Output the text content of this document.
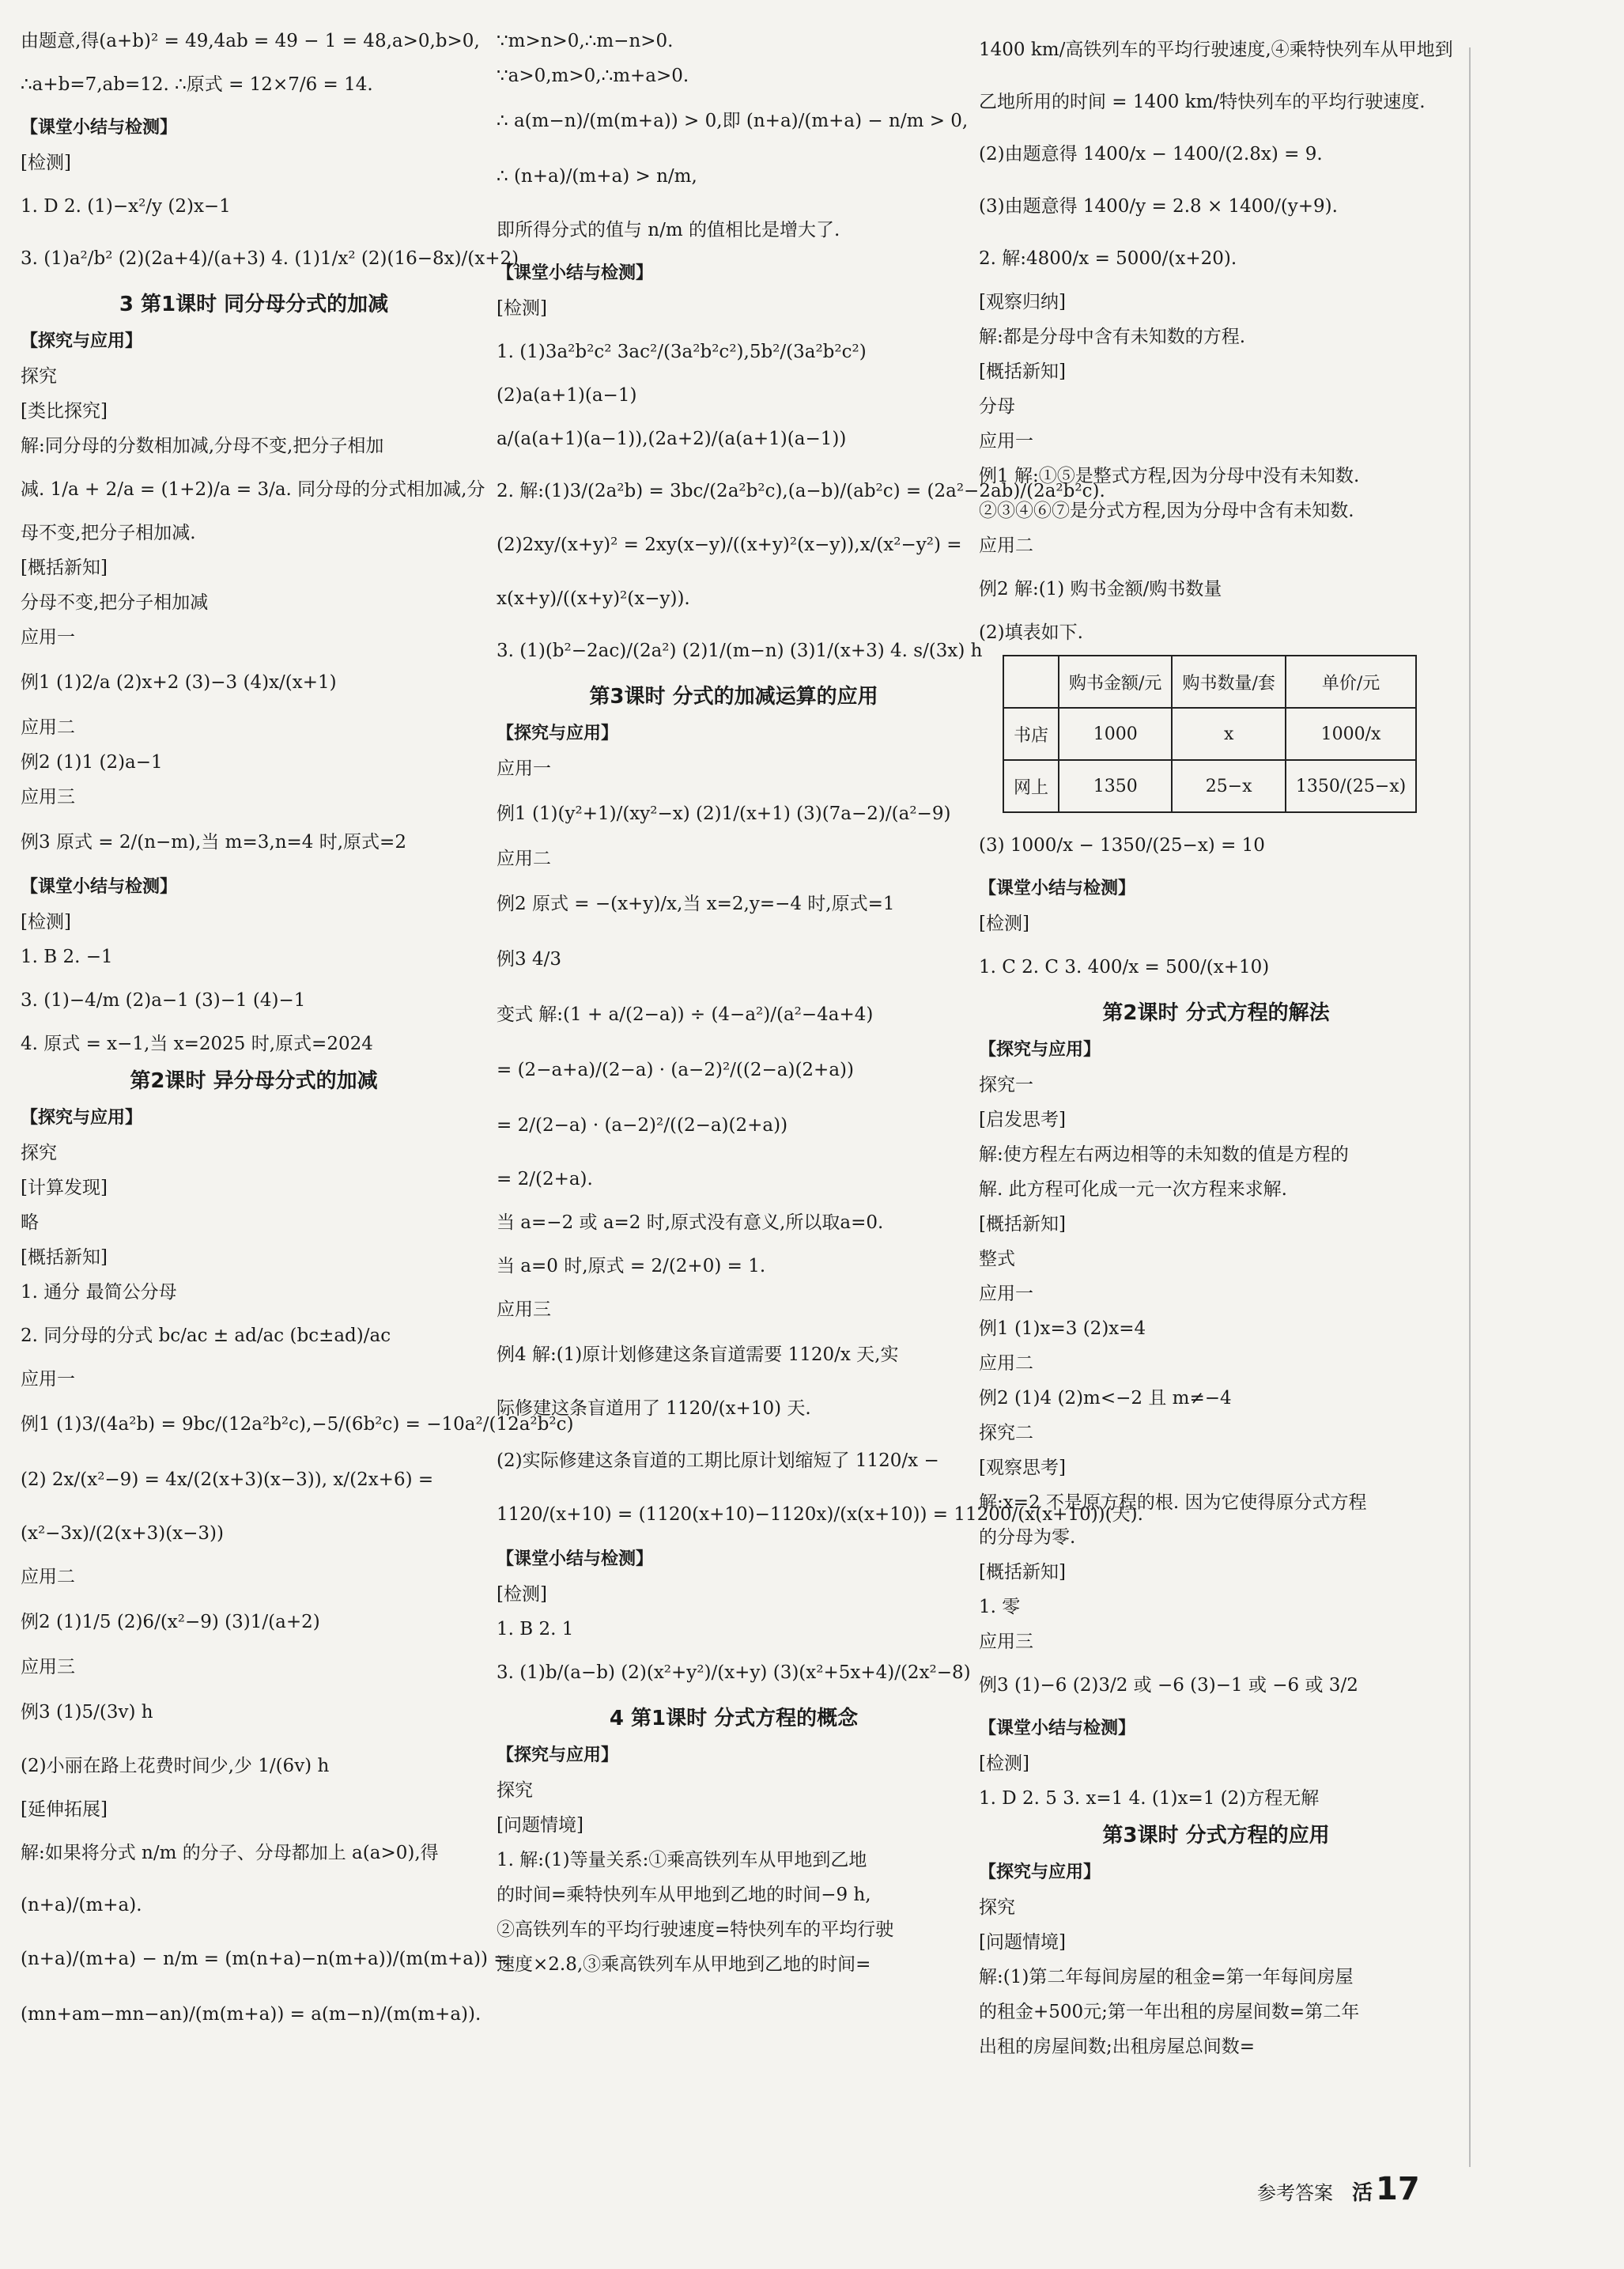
由题意,得(a+b)² = 49,4ab = 49 − 1 = 48,a>0,b>0,
∴a+b=7,ab=12. ∴原式 = 12×7/6 = 14.
【课堂小结与检测】
[检测]
1. D 2. (1)−x²/y (2)x−1
3. (1)a²/b² (2)(2a+4)/(a+3) 4. (1)1/x² (2)(16−8x)/(x+2)
3 第1课时 同分母分式的加减
【探究与应用】
探究
[类比探究]
解:同分母的分数相加减,分母不变,把分子相加
减. 1/a + 2/a = (1+2)/a = 3/a. 同分母的分式相加减,分
母不变,把分子相加减.
[概括新知]
分母不变,把分子相加减
应用一
例1 (1)2/a (2)x+2 (3)−3 (4)x/(x+1)
应用二
例2 (1)1 (2)a−1
应用三
例3 原式 = 2/(n−m),当 m=3,n=4 时,原式=2
【课堂小结与检测】
[检测]
1. B 2. −1
3. (1)−4/m (2)a−1 (3)−1 (4)−1
4. 原式 = x−1,当 x=2025 时,原式=2024
第2课时 异分母分式的加减
【探究与应用】
探究
[计算发现]
略
[概括新知]
1. 通分 最简公分母
2. 同分母的分式 bc/ac ± ad/ac (bc±ad)/ac
应用一
例1 (1)3/(4a²b) = 9bc/(12a²b²c),−5/(6b²c) = −10a²/(12a²b²c)
(2) 2x/(x²−9) = 4x/(2(x+3)(x−3)), x/(2x+6) =
(x²−3x)/(2(x+3)(x−3))
应用二
例2 (1)1/5 (2)6/(x²−9) (3)1/(a+2)
应用三
例3 (1)5/(3v) h
(2)小丽在路上花费时间少,少 1/(6v) h
[延伸拓展]
解:如果将分式 n/m 的分子、分母都加上 a(a>0),得
(n+a)/(m+a).
(n+a)/(m+a) − n/m = (m(n+a)−n(m+a))/(m(m+a)) =
(mn+am−mn−an)/(m(m+a)) = a(m−n)/(m(m+a)).
∵m>n>0,∴m−n>0.
∵a>0,m>0,∴m+a>0.
∴ a(m−n)/(m(m+a)) > 0,即 (n+a)/(m+a) − n/m > 0,
∴ (n+a)/(m+a) > n/m,
即所得分式的值与 n/m 的值相比是增大了.
【课堂小结与检测】
[检测]
1. (1)3a²b²c² 3ac²/(3a²b²c²),5b²/(3a²b²c²)
(2)a(a+1)(a−1)
a/(a(a+1)(a−1)),(2a+2)/(a(a+1)(a−1))
2. 解:(1)3/(2a²b) = 3bc/(2a²b²c),(a−b)/(ab²c) = (2a²−2ab)/(2a²b²c).
(2)2xy/(x+y)² = 2xy(x−y)/((x+y)²(x−y)),x/(x²−y²) =
x(x+y)/((x+y)²(x−y)).
3. (1)(b²−2ac)/(2a²) (2)1/(m−n) (3)1/(x+3) 4. s/(3x) h
第3课时 分式的加减运算的应用
【探究与应用】
应用一
例1 (1)(y²+1)/(xy²−x) (2)1/(x+1) (3)(7a−2)/(a²−9)
应用二
例2 原式 = −(x+y)/x,当 x=2,y=−4 时,原式=1
例3 4/3
变式 解:(1 + a/(2−a)) ÷ (4−a²)/(a²−4a+4)
= (2−a+a)/(2−a) · (a−2)²/((2−a)(2+a))
= 2/(2−a) · (a−2)²/((2−a)(2+a))
= 2/(2+a).
当 a=−2 或 a=2 时,原式没有意义,所以取a=0.
当 a=0 时,原式 = 2/(2+0) = 1.
应用三
例4 解:(1)原计划修建这条盲道需要 1120/x 天,实
际修建这条盲道用了 1120/(x+10) 天.
(2)实际修建这条盲道的工期比原计划缩短了 1120/x −
1120/(x+10) = (1120(x+10)−1120x)/(x(x+10)) = 11200/(x(x+10))(天).
【课堂小结与检测】
[检测]
1. B 2. 1
3. (1)b/(a−b) (2)(x²+y²)/(x+y) (3)(x²+5x+4)/(2x²−8)
4 第1课时 分式方程的概念
【探究与应用】
探究
[问题情境]
1. 解:(1)等量关系:①乘高铁列车从甲地到乙地
的时间=乘特快列车从甲地到乙地的时间−9 h,
②高铁列车的平均行驶速度=特快列车的平均行驶
速度×2.8,③乘高铁列车从甲地到乙地的时间=
1400 km/高铁列车的平均行驶速度,④乘特快列车从甲地到
乙地所用的时间 = 1400 km/特快列车的平均行驶速度.
(2)由题意得 1400/x − 1400/(2.8x) = 9.
(3)由题意得 1400/y = 2.8 × 1400/(y+9).
2. 解:4800/x = 5000/(x+20).
[观察归纳]
解:都是分母中含有未知数的方程.
[概括新知]
分母
应用一
例1 解:①⑤是整式方程,因为分母中没有未知数.
②③④⑥⑦是分式方程,因为分母中含有未知数.
应用二
例2 解:(1) 购书金额/购书数量
(2)填表如下.
	购书金额/元	购书数量/套	单价/元
书店	1000	x	1000/x
网上	1350	25−x	1350/(25−x)
(3) 1000/x − 1350/(25−x) = 10
【课堂小结与检测】
[检测]
1. C 2. C 3. 400/x = 500/(x+10)
第2课时 分式方程的解法
【探究与应用】
探究一
[启发思考]
解:使方程左右两边相等的未知数的值是方程的
解. 此方程可化成一元一次方程来求解.
[概括新知]
整式
应用一
例1 (1)x=3 (2)x=4
应用二
例2 (1)4 (2)m<−2 且 m≠−4
探究二
[观察思考]
解:x=2 不是原方程的根. 因为它使得原分式方程
的分母为零.
[概括新知]
1. 零
应用三
例3 (1)−6 (2)3/2 或 −6 (3)−1 或 −6 或 3/2
【课堂小结与检测】
[检测]
1. D 2. 5 3. x=1 4. (1)x=1 (2)方程无解
第3课时 分式方程的应用
【探究与应用】
探究
[问题情境]
解:(1)第二年每间房屋的租金=第一年每间房屋
的租金+500元;第一年出租的房屋间数=第二年
出租的房屋间数;出租房屋总间数=
参考答案 活 17
